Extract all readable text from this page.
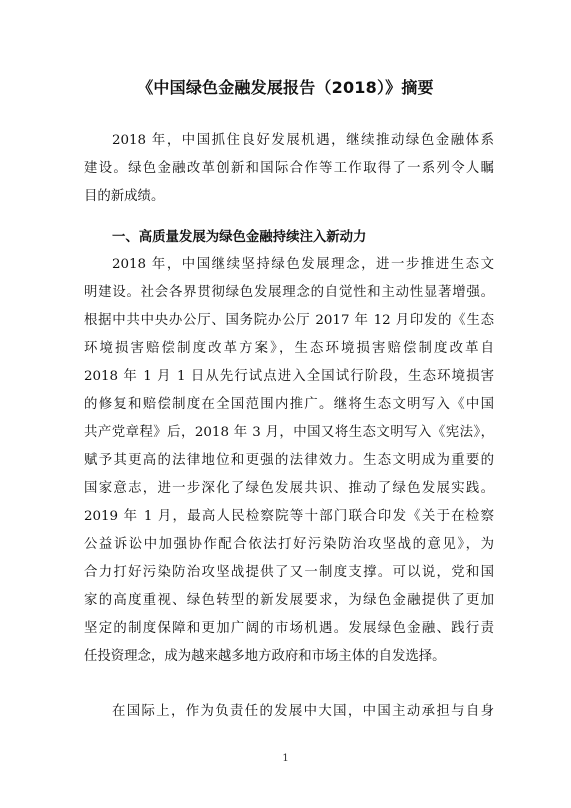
《中国绿色金融发展报告（2018）》摘要
2018 年，中国抓住良好发展机遇，继续推动绿色金融体系
建设。绿色金融改革创新和国际合作等工作取得了一系列令人瞩
目的新成绩。
一、高质量发展为绿色金融持续注入新动力
2018 年，中国继续坚持绿色发展理念，进一步推进生态文
明建设。社会各界贯彻绿色发展理念的自觉性和主动性显著增强。
根据中共中央办公厅、国务院办公厅 2017 年 12 月印发的《生态
环境损害赔偿制度改革方案》，生态环境损害赔偿制度改革自
2018 年 1 月 1 日从先行试点进入全国试行阶段，生态环境损害
的修复和赔偿制度在全国范围内推广。继将生态文明写入《中国
共产党章程》后，2018 年 3 月，中国又将生态文明写入《宪法》，
赋予其更高的法律地位和更强的法律效力。生态文明成为重要的
国家意志，进一步深化了绿色发展共识、推动了绿色发展实践。
2019 年 1 月，最高人民检察院等十部门联合印发《关于在检察
公益诉讼中加强协作配合依法打好污染防治攻坚战的意见》，为
合力打好污染防治攻坚战提供了又一制度支撑。可以说，党和国
家的高度重视、绿色转型的新发展要求，为绿色金融提供了更加
坚定的制度保障和更加广阔的市场机遇。发展绿色金融、践行责
任投资理念，成为越来越多地方政府和市场主体的自发选择。
在国际上，作为负责任的发展中大国，中国主动承担与自身
1
